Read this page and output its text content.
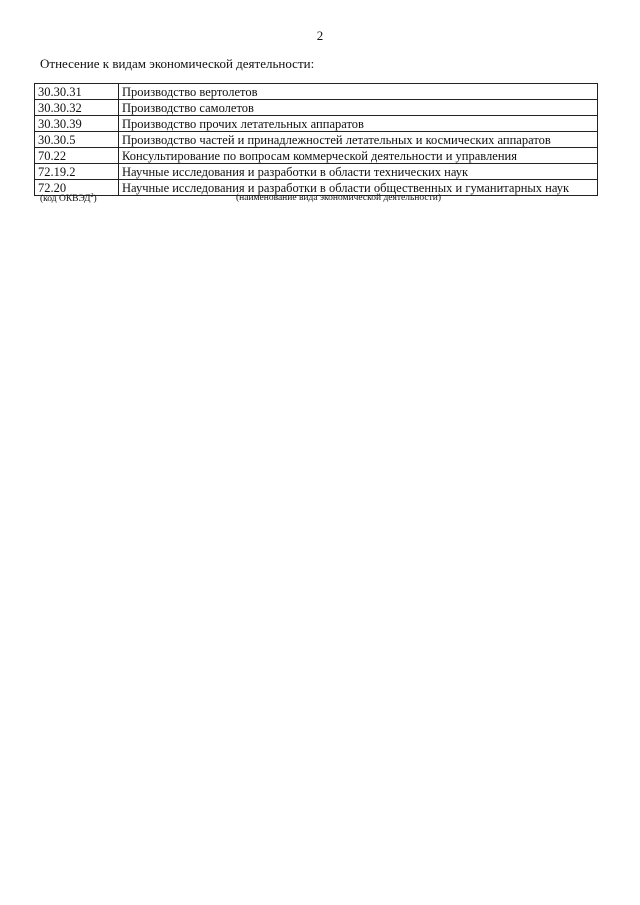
2
Отнесение к видам экономической деятельности:
30.30.31	Производство вертолетов
30.30.32	Производство самолетов
30.30.39	Производство прочих летательных аппаратов
30.30.5	Производство частей и принадлежностей летательных и космических аппаратов
70.22	Консультирование по вопросам коммерческой деятельности и управления
72.19.2	Научные исследования и разработки в области технических наук
72.20	Научные исследования и разработки в области общественных и гуманитарных наук
(код ОКВЭД$^2$)	(наименование вида экономической деятельности)
